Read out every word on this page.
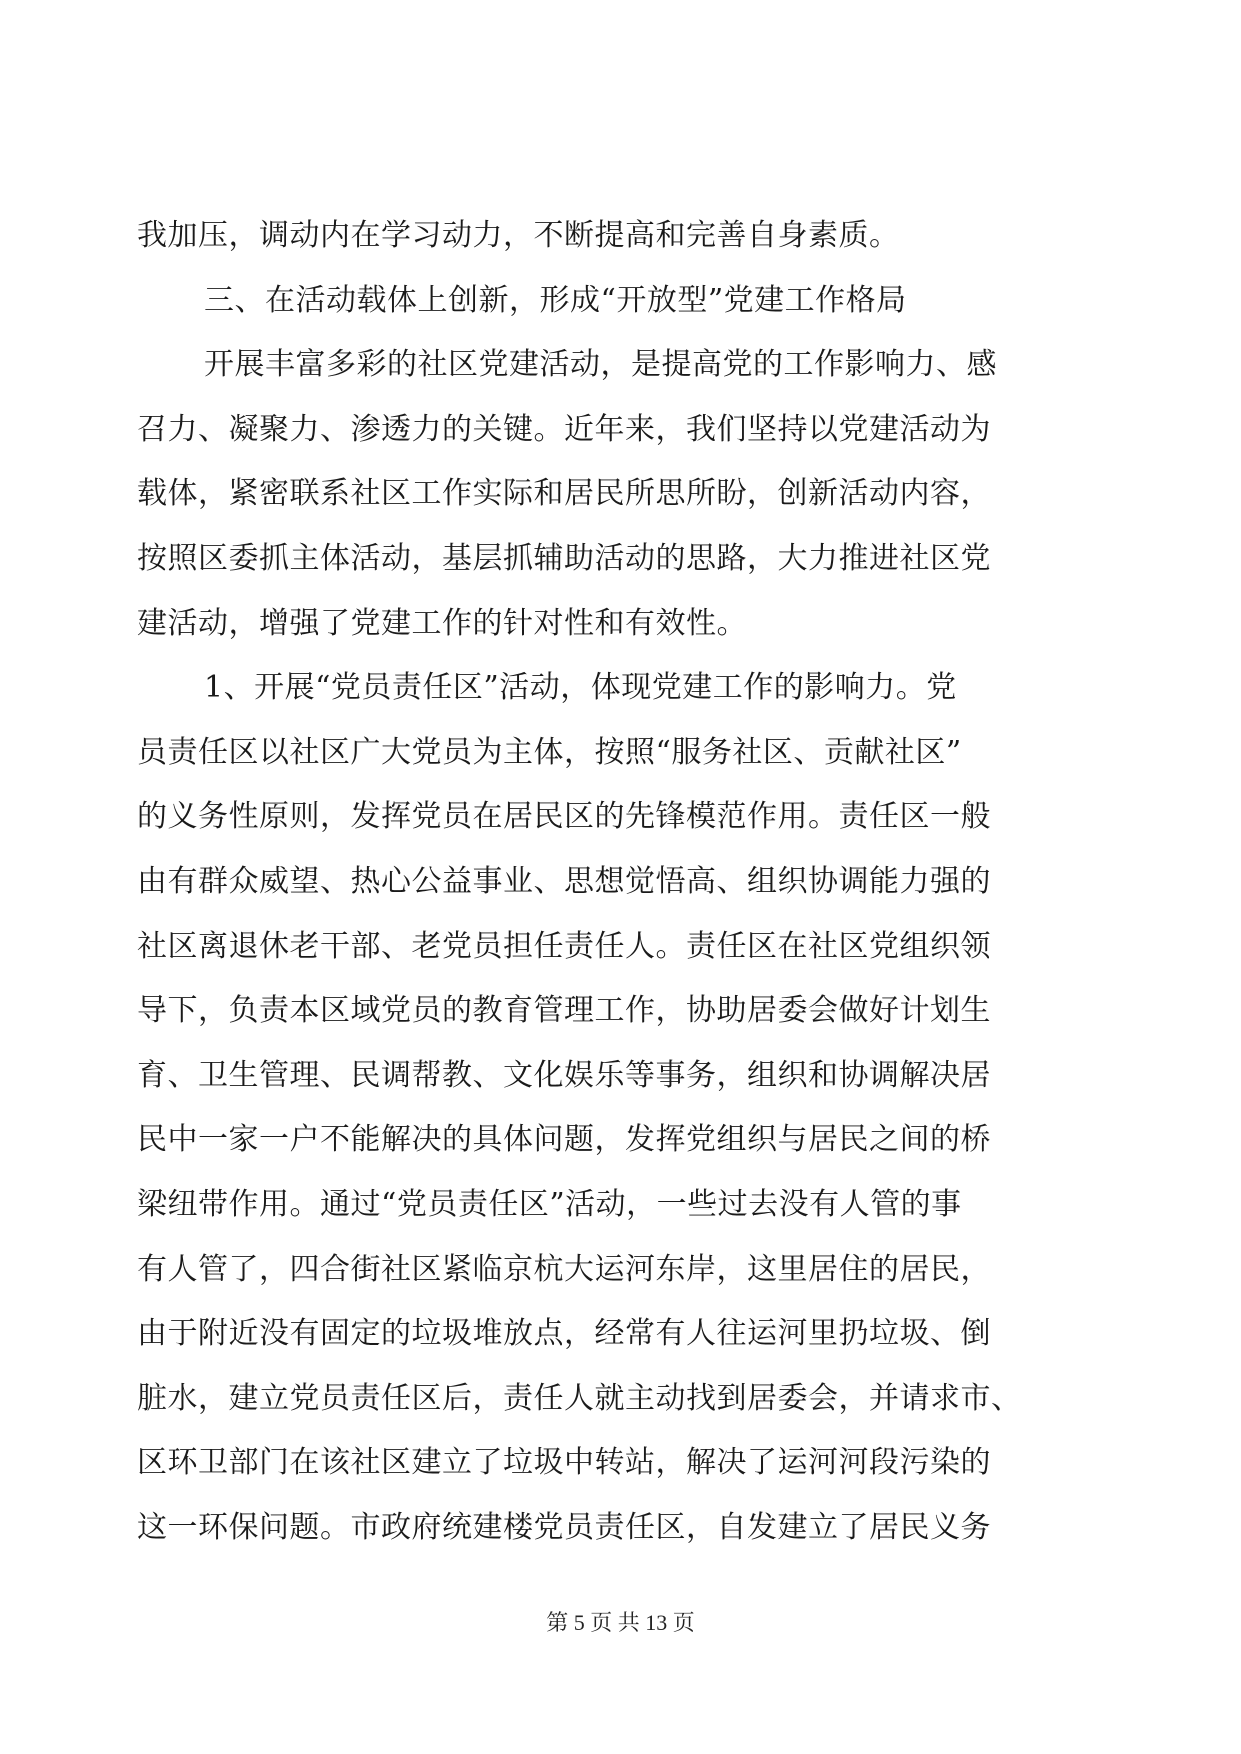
我加压，调动内在学习动力，不断提高和完善自身素质。
三、在活动载体上创新，形成“开放型”党建工作格局
开展丰富多彩的社区党建活动，是提高党的工作影响力、感
召力、凝聚力、渗透力的关键。近年来，我们坚持以党建活动为
载体，紧密联系社区工作实际和居民所思所盼，创新活动内容，
按照区委抓主体活动，基层抓辅助活动的思路，大力推进社区党
建活动，增强了党建工作的针对性和有效性。
1、开展“党员责任区”活动，体现党建工作的影响力。党
员责任区以社区广大党员为主体，按照“服务社区、贡献社区”
的义务性原则，发挥党员在居民区的先锋模范作用。责任区一般
由有群众威望、热心公益事业、思想觉悟高、组织协调能力强的
社区离退休老干部、老党员担任责任人。责任区在社区党组织领
导下，负责本区域党员的教育管理工作，协助居委会做好计划生
育、卫生管理、民调帮教、文化娱乐等事务，组织和协调解决居
民中一家一户不能解决的具体问题，发挥党组织与居民之间的桥
梁纽带作用。通过“党员责任区”活动，一些过去没有人管的事
有人管了，四合街社区紧临京杭大运河东岸，这里居住的居民，
由于附近没有固定的垃圾堆放点，经常有人往运河里扔垃圾、倒
脏水，建立党员责任区后，责任人就主动找到居委会，并请求市、
区环卫部门在该社区建立了垃圾中转站，解决了运河河段污染的
这一环保问题。市政府统建楼党员责任区，自发建立了居民义务
第 5 页 共 13 页
